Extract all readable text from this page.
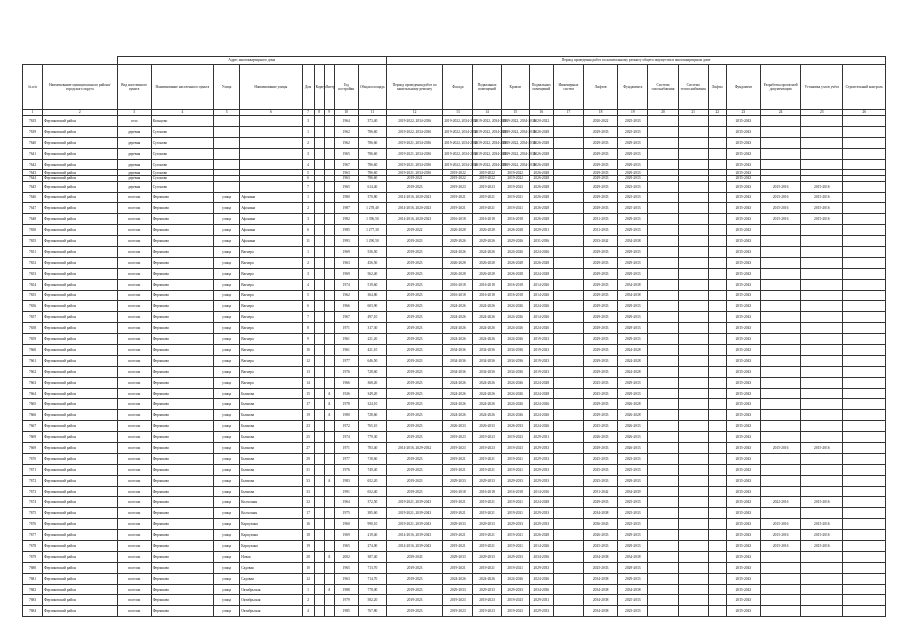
		Адрес многоквартирного дома									Период проведения работ по капитальному ремонту общего имущества в многоквартирном доме														
№ п/п	Наименование муниципального района/городского округа	Вид населенного пункта	Наименование населенного пункта	Улица	Наименование улицы	Дом	Корпус	Литер	Год постройки	Общая площадь	Период проведения работ по капитальному ремонту	Фасада	Подвальных помещений	Кровли	Подвальных помещений	Инженерных систем	Лифтов	Фундамента	Система газоснабжения	Система теплоснабжения	Лифты	Фундамент	Разработка проектной документации	Установка узлов учёта	Строительный контроль
1	2	3	4	5	6	7	8	9	10	11	12	13	14	15	16	17	18	19	20	21	22	23	24	25	26
7635	Ферзиковский район	село	Кольцово			3			1964	373,40	2019-2022, 2034-2036	2019-2022, 2034-2036	2019-2022, 2034-2036	2019-2022, 2034-2036	2020-2022		2020-2022	2025-2033				2035-2043			
7639	Ферзиковский район	деревня	Сугоново			1			1962	786,60	2019-2022, 2034-2036	2019-2022, 2034-2036	2019-2022, 2034-2036	2019-2022, 2034-2036	2026-2028		2029-2033	2025-2033				2035-2043			
7640	Ферзиковский район	деревня	Сугоново			2			1962	786,60	2019-2021, 2034-2036	2019-2022, 2034-2036	2019-2022, 2034-2036	2019-2022, 2034-2036	2026-2028		2029-2033	2029-2033				2035-2043			
7641	Ферзиковский район	деревня	Сугоново			3			1965	786,60	2019-2021, 2034-2036	2019-2022, 2034-2036	2019-2022, 2034-2036	2019-2022, 2034-2036	2026-2028		2029-2033	2029-2033				2035-2043			
7642	Ферзиковский район	деревня	Сугоново			4			1967	786,60	2019-2021, 2034-2036	2019-2022, 2034-2036	2019-2022, 2034-2036	2019-2022, 2034-2036	2026-2028		2029-2033	2029-2033				2035-2043			
7643	Ферзиковский район	деревня	Сугоново			5			1963	786,60	2019-2021, 2034-2036	2019-2022	2019-2022	2019-2022	2026-2028		2029-2033	2029-2033				2035-2043			
7644	Ферзиковский район	деревня	Сугоново			6			1963	786,60	2019-2021	2019-2022	2019-2022	2019-2022	2026-2028		2029-2033	2029-2033				2035-2043			
7645	Ферзиковский район	деревня	Сугоново			7			1965	614,40	2019-2023	2019-2023	2019-2023	2019-2023	2026-2028		2029-2033	2025-2033				2035-2043	2015-2016	2015-2016	
7646	Ферзиковский район	поселок	Ферзиково	улица	Афонина	1			1980	370,80	2014-2016, 2020-2023	2019-2021	2019-2021	2019-2021	2026-2028		2029-2033	2025-2033				2035-2043	2015-2016	2015-2016	
7647	Ферзиковский район	поселок	Ферзиково	улица	Афонина	2			1987	1 278,40	2014-2016, 2020-2023	2019-2021	2019-2021	2019-2021	2026-2028		2029-2033	2025-2033				2035-2043	2015-2016	2015-2016	
7648	Ферзиковский район	поселок	Ферзиково	улица	Афонина	3			1982	1 396,50	2014-2016, 2020-2023	2016-2018	2016-2018	2016-2018	2026-2028		2031-2033	2029-2033				2035-2043	2015-2016	2015-2016	
7650	Ферзиковский район	поселок	Ферзиково	улица	Афонина	6			1985	1 277,30	2019-2022	2026-2028	2026-2028	2026-2028	2029-2031		2031-2033	2029-2033				2035-2043			
7655	Ферзиковский район	поселок	Ферзиково	улица	Афонина	11			1993	1 290,50	2019-2023	2029-2026	2029-2026	2029-2026	2031-2036		2033-2042	2034-2038				2035-2043			
7651	Ферзиковский район	поселок	Ферзиково	улица	Вагнера	1			1969	536,50	2019-2023	2024-2026	2024-2026	2024-2026	2024-2026		2029-2033	2029-2033				2035-2043			
7652	Ферзиковский район	поселок	Ферзиково	улица	Вагнера	2			1963	456,50	2019-2023	2026-2028	2026-2028	2026-2028	2026-2028		2029-2033	2029-2033				2035-2043			
7653	Ферзиковский район	поселок	Ферзиково	улица	Вагнера	3			1969	562,40	2019-2023	2026-2028	2026-2028	2026-2028	2024-2028		2029-2033	2029-2033				2035-2043			
7654	Ферзиковский район	поселок	Ферзиково	улица	Вагнера	4			1974	519,60	2019-2023	2016-2018	2016-2018	2016-2018	2014-2026		2029-2033	2034-2038				2035-2043			
7655	Ферзиковский район	поселок	Ферзиково	улица	Вагнера	5			1962	364,80	2019-2023	2016-2018	2016-2018	2016-2018	2014-2026		2029-2033	2034-2038				2035-2043			
7656	Ферзиковский район	поселок	Ферзиково	улица	Вагнера	6			1966	603,90	2019-2023	2024-2026	2024-2026	2024-2026	2024-2026		2029-2033	2029-2033				2035-2043			
7657	Ферзиковский район	поселок	Ферзиково	улица	Вагнера	7			1967	497,10	2019-2023	2024-2026	2024-2026	2024-2026	2014-2026		2029-2033	2029-2033				2035-2043			
7658	Ферзиковский район	поселок	Ферзиково	улица	Вагнера	8			1971	317,30	2019-2023	2024-2026	2024-2026	2024-2026	2024-2026		2029-2033	2029-2033				2035-2043			
7659	Ферзиковский район	поселок	Ферзиково	улица	Вагнера	9			1961	221,20	2019-2023	2024-2026	2024-2026	2024-2026	2019-2023		2029-2033	2029-2033				2035-2043			
7660	Ферзиковский район	поселок	Ферзиково	улица	Вагнера	10			1961	421,10	2019-2023	2034-2036	2034-2036	2034-2036	2019-2023		2029-2033	2024-2028				2035-2043			
7661	Ферзиковский район	поселок	Ферзиково	улица	Вагнера	12			1977	646,50	2019-2023	2034-2036	2034-2036	2034-2036	2019-2023		2029-2033	2024-2028				2035-2043			
7662	Ферзиковский район	поселок	Ферзиково	улица	Вагнера	13			1976	728,60	2019-2023	2034-2036	2034-2036	2034-2036	2019-2023		2029-2033	2024-2028				2035-2043			
7663	Ферзиковский район	поселок	Ферзиково	улица	Вагнера	14			1966	368,20	2019-2023	2024-2026	2024-2026	2024-2026	2024-2028		2025-2033	2029-2033				2035-2043			
7664	Ферзиковский район	поселок	Ферзиково	улица	Бычкова	15		А	1926	349,20	2019-2023	2024-2026	2024-2026	2024-2026	2024-2028		2025-2033	2029-2033				2035-2043			
7665	Ферзиковский район	поселок	Ферзиково	улица	Бычкова	17		А	1978	324,10	2019-2023	2024-2026	2024-2026	2024-2026	2024-2026		2029-2033	2026-2028				2035-2043			
7666	Ферзиковский район	поселок	Ферзиково	улица	Бычкова	19		А	1980	728,60	2019-2023	2024-2026	2024-2026	2024-2026	2024-2026		2029-2033	2026-2028				2035-2043			
7667	Ферзиковский район	поселок	Ферзиково	улица	Бычкова	23			1972	765,10	2019-2023	2026-2033	2026-2033	2026-2033	2024-2026		2025-2033	2026-2033				2035-2043			
7669	Ферзиковский район	поселок	Ферзиково	улица	Бычкова	25			1974	779,30	2019-2023	2019-2023	2019-2023	2019-2023	2029-2031		2026-2033	2026-2033				2035-2043			
7669	Ферзиковский район	поселок	Ферзиково	улица	Бычкова	27			1971	783,40	2014-2016, 2029-2032	2019-2023	2019-2023	2019-2023	2029-2033		2029-2033	2026-2033				2035-2043	2015-2016	2015-2016	
7670	Ферзиковский район	поселок	Ферзиково	улица	Бычкова	29			1977	718,60	2019-2023	2019-2021	2019-2021	2019-2021	2029-2033		2025-2033	2025-2033				2035-2043			
7671	Ферзиковский район	поселок	Ферзиково	улица	Бычкова	31			1976	749,40	2019-2023	2019-2021	2019-2021	2019-2021	2029-2033		2025-2033	2025-2033				2035-2043			
7672	Ферзиковский район	поселок	Ферзиково	улица	Бычкова	33		А	1983	652,20	2019-2023	2029-2033	2029-2033	2029-2033	2029-2033		2025-2033	2029-2033				2035-2043			
7673	Ферзиковский район	поселок	Ферзиково	улица	Бычкова	33			1991	652,40	2019-2023	2016-2018	2016-2018	2016-2018	2014-2016		2031-2042	2034-2039				2035-2043			
7674	Ферзиковский район	поселок	Ферзиково	улица	Колхозная	32			1964	372,50	2019-2021, 2039-2043	2019-2021	2019-2021	2019-2021	2024-2028		2029-2033	2025-2033				2035-2043	2022-2016	2015-2016	
7675	Ферзиковский район	поселок	Ферзиково	улица	Колхозная	17			1975	385,60	2019-2021, 2039-2043	2019-2021	2019-2021	2019-2021	2029-2033		2034-2038	2025-2033				2035-2043			
7676	Ферзиковский район	поселок	Ферзиково	улица	Карпухина	16			1960	990,10	2019-2021, 2039-2043	2029-2033	2029-2033	2029-2033	2029-2033		2036-2043	2025-2033				2035-2043	2015-2016	2015-2016	
7677	Ферзиковский район	поселок	Ферзиково	улица	Карпухина	18			1969	219,40	2014-2016, 2039-2043	2019-2021	2019-2021	2019-2021	2026-2028		2026-2033	2029-2033				2035-2043	2015-2016	2015-2016	
7678	Ферзиковский район	поселок	Ферзиково	улица	Карпухина	19			1965	274,00	2014-2016, 2039-2043	2019-2021	2019-2021	2019-2021	2014-2026		2025-2033	2029-2033				2035-2043	2015-2016	2015-2016	
7679	Ферзиковский район	поселок	Ферзиково	улица	Новая	28		А	2002	387,40	2039-2043	2029-2033	2029-2033	2029-2033	2034-2036		2034-2038	2034-2038				2035-2043			
7680	Ферзиковский район	поселок	Ферзиково	улица	Садовая	10			1965	713,70	2019-2023	2019-2021	2019-2021	2019-2021	2029-2033		2025-2033	2029-2033				2035-2043			
7681	Ферзиковский район	поселок	Ферзиково	улица	Садовая	12			1963	714,70	2019-2023	2024-2026	2024-2026	2024-2026	2024-2026		2034-2038	2029-2033				2035-2043			
7682	Ферзиковский район	поселок	Ферзиково	улица	Октябрьская	1		А	1988	778,00	2019-2023	2029-2033	2029-2033	2029-2033	2034-2036		2034-2038	2034-2038				2035-2043			
7683	Ферзиковский район	поселок	Ферзиково	улица	Октябрьская	2			1979	582,20	2019-2023	2019-2023	2019-2023	2019-2023	2029-2031		2034-2038	2025-2033				2035-2043			
7684	Ферзиковский район	поселок	Ферзиково	улица	Октябрьская	4			1985	767,80	2019-2023	2019-2023	2019-2023	2019-2023	2029-2033		2034-2038	2025-2033				2035-2043			
